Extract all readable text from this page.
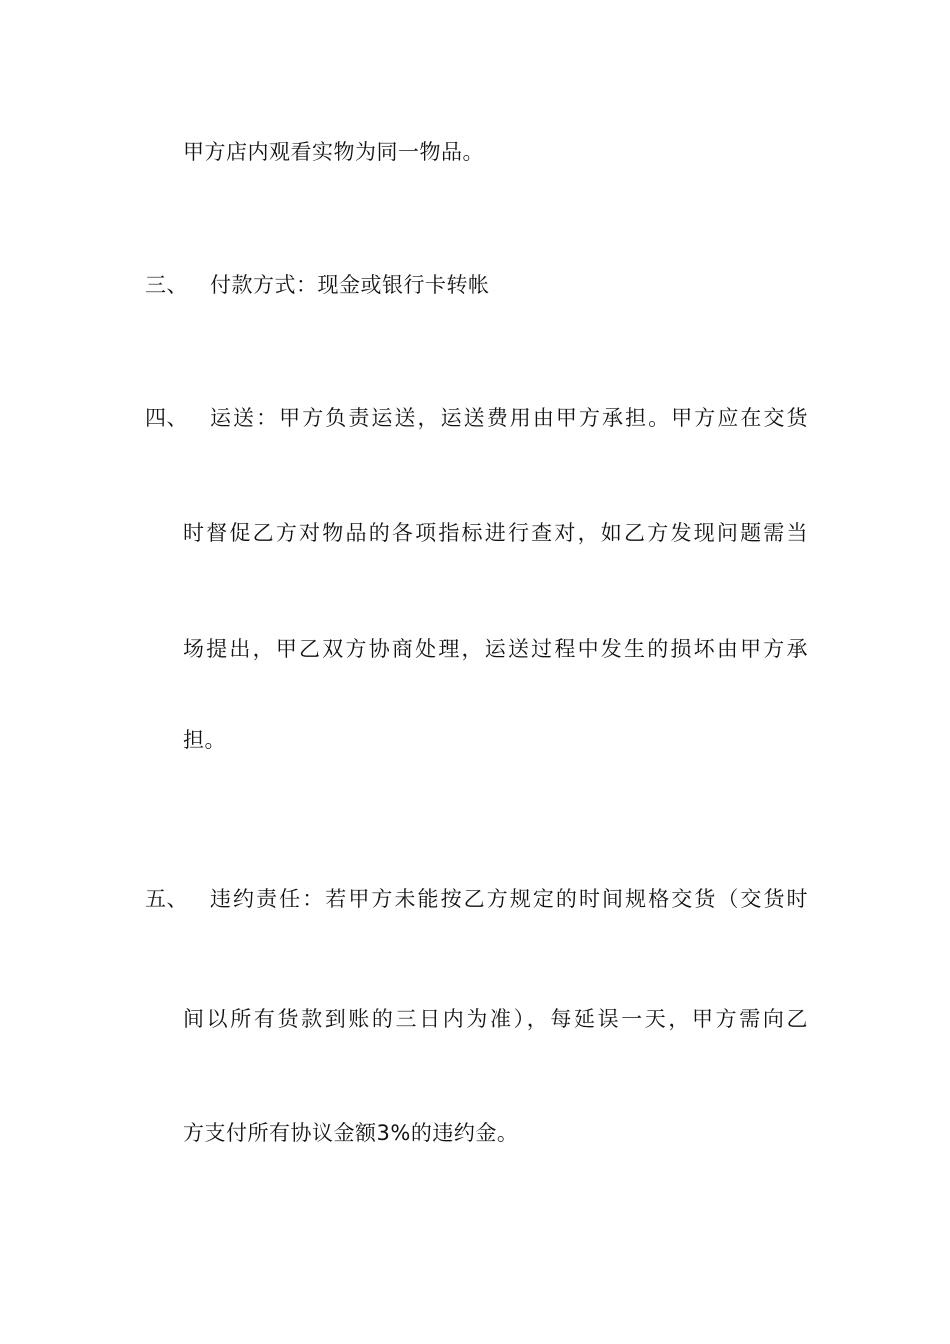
甲方店内观看实物为同一物品。
三、 付款方式：现金或银行卡转帐
四、 运送：甲方负责运送，运送费用由甲方承担。甲方应在交货
时督促乙方对物品的各项指标进行查对，如乙方发现问题需当
场提出，甲乙双方协商处理，运送过程中发生的损坏由甲方承
担。
五、 违约责任：若甲方未能按乙方规定的时间规格交货（交货时
间以所有货款到账的三日内为准），每延误一天，甲方需向乙
方支付所有协议金额3%的违约金。
